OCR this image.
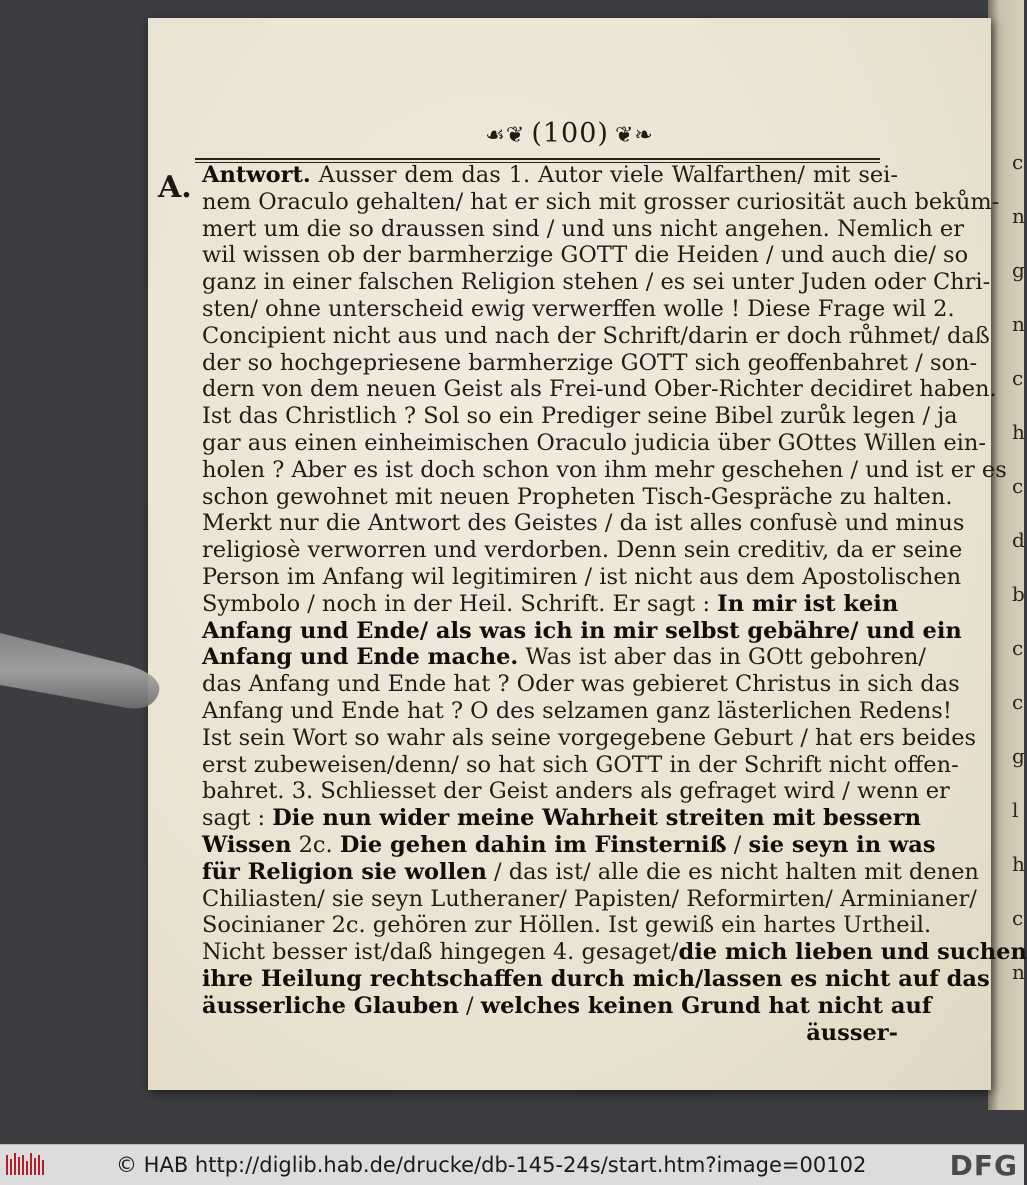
c
n
g
n
c
h
c
d
b
c
c
g
l
h
c
n
☙❦ (100) ❦❧
A. Antwort. Ausser dem das 1. Autor viele Walfarthen/ mit sei-
nem Oraculo gehalten/ hat er sich mit grosser curiosität auch bekům-
mert um die so draussen sind / und uns nicht angehen. Nemlich er
wil wissen ob der barmherzige GOTT die Heiden / und auch die/ so
ganz in einer falschen Religion stehen / es sei unter Juden oder Chri-
sten/ ohne unterscheid ewig verwerffen wolle ! Diese Frage wil 2.
Concipient nicht aus und nach der Schrift/darin er doch růhmet/ daß
der so hochgepriesene barmherzige GOTT sich geoffenbahret / son-
dern von dem neuen Geist als Frei-und Ober-Richter decidiret haben.
Ist das Christlich ? Sol so ein Prediger seine Bibel zurůk legen / ja
gar aus einen einheimischen Oraculo judicia über GOttes Willen ein-
holen ? Aber es ist doch schon von ihm mehr geschehen / und ist er es
schon gewohnet mit neuen Propheten Tisch-Gespräche zu halten.
Merkt nur die Antwort des Geistes / da ist alles confusè und minus
religiosè verworren und verdorben. Denn sein creditiv, da er seine
Person im Anfang wil legitimiren / ist nicht aus dem Apostolischen
Symbolo / noch in der Heil. Schrift. Er sagt : In mir ist kein
Anfang und Ende/ als was ich in mir selbst gebähre/ und ein
Anfang und Ende mache. Was ist aber das in GOtt gebohren/
das Anfang und Ende hat ? Oder was gebieret Christus in sich das
Anfang und Ende hat ? O des selzamen ganz lästerlichen Redens!
Ist sein Wort so wahr als seine vorgegebene Geburt / hat ers beides
erst zubeweisen/denn/ so hat sich GOTT in der Schrift nicht offen-
bahret. 3. Schliesset der Geist anders als gefraget wird / wenn er
sagt : Die nun wider meine Wahrheit streiten mit bessern
Wissen 2c. Die gehen dahin im Finsterniß / sie seyn in was
für Religion sie wollen / das ist/ alle die es nicht halten mit denen
Chiliasten/ sie seyn Lutheraner/ Papisten/ Reformirten/ Arminianer/
Socinianer 2c. gehören zur Höllen. Ist gewiß ein hartes Urtheil.
Nicht besser ist/daß hingegen 4. gesaget/die mich lieben und suchen
ihre Heilung rechtschaffen durch mich/lassen es nicht auf das
äusserliche Glauben / welches keinen Grund hat nicht auf
äusser-
© HAB http://diglib.hab.de/drucke/db-145-24s/start.htm?image=00102	DFG
